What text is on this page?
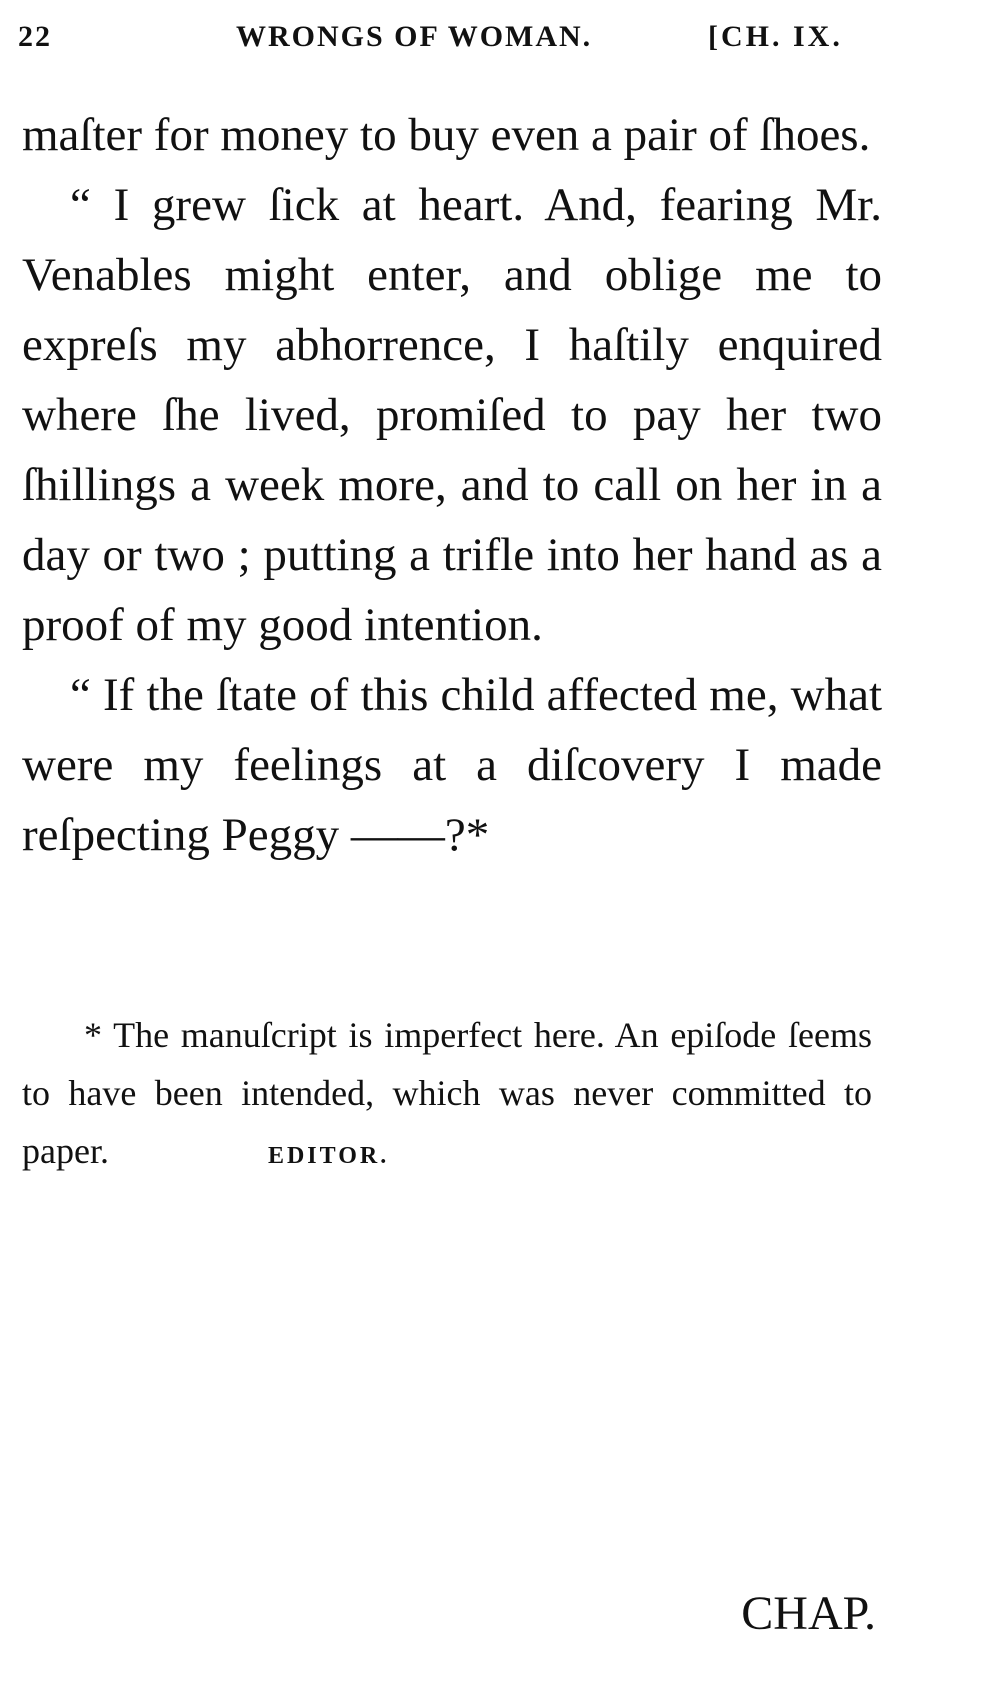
22	WRONGS OF WOMAN.	[CH. IX.

maſter for money to buy even a pair of ſhoes.

“ I grew ſick at heart. And, fearing Mr. Venables might enter, and oblige me to expreſs my abhorrence, I haſtily enquired where ſhe lived, promiſed to pay her two ſhillings a week more, and to call on her in a day or two ; putting a trifle into her hand as a proof of my good intention.

“ If the ſtate of this child affected me, what were my feelings at a diſcovery I made reſpecting Peggy ——?*

* The manuſcript is imperfect here. An epiſode ſeems to have been intended, which was never committed to paper.	EDITOR.
CHAP.
